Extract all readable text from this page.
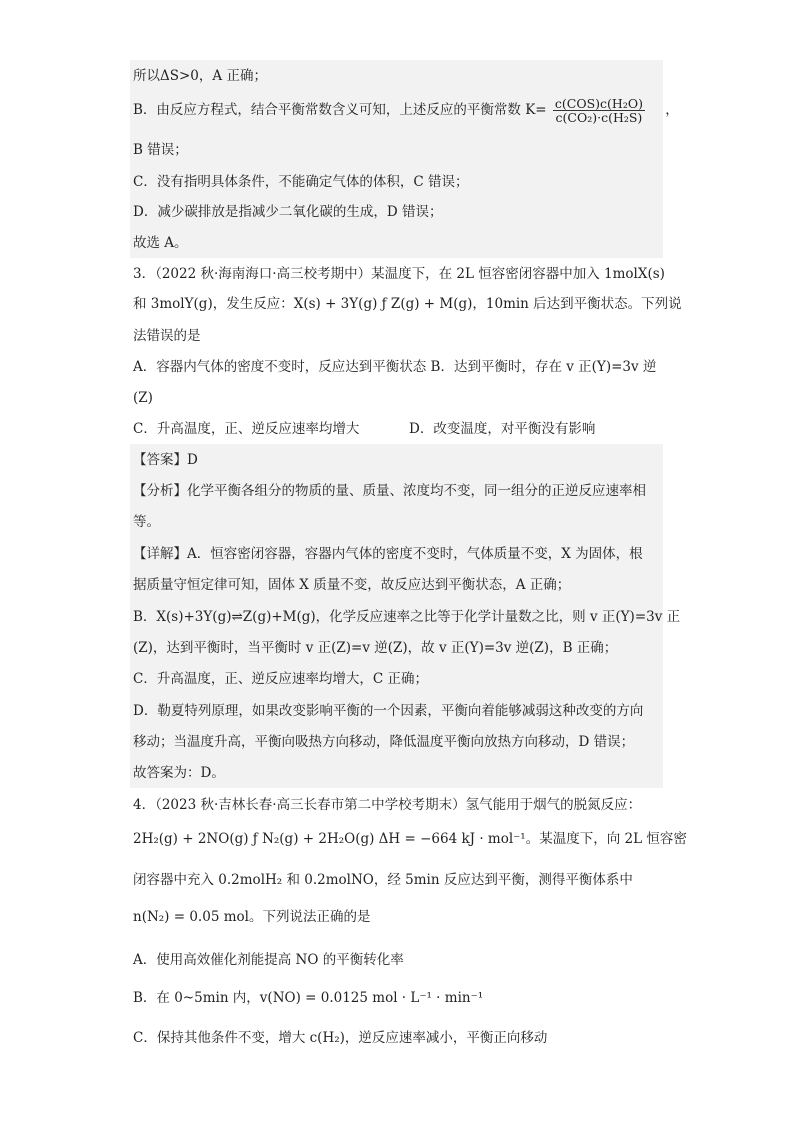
所以ΔS>0，A 正确；
B．由反应方程式，结合平衡常数含义可知，上述反应的平衡常数 $K= \frac{\text{c(COS)c(H₂O)}}{\text{c(CO₂)·c(H₂S)}}$ ，
B 错误；
C．没有指明具体条件，不能确定气体的体积，C 错误；
D．减少碳排放是指减少二氧化碳的生成，D 错误；
故选 A。
3．（2022 秋·海南海口·高三校考期中）某温度下，在 2L 恒容密闭容器中加入 1molX(s)
和 3molY(g)，发生反应：X(s) + 3Y(g) ƒ Z(g) + M(g)，10min 后达到平衡状态。下列说
法错误的是
A．容器内气体的密度不变时，反应达到平衡状态 B．达到平衡时，存在 v 正(Y)=3v 逆
(Z)
C．升高温度，正、逆反应速率均增大	D．改变温度，对平衡没有影响
【答案】D
【分析】化学平衡各组分的物质的量、质量、浓度均不变，同一组分的正逆反应速率相
等。
【详解】A．恒容密闭容器，容器内气体的密度不变时，气体质量不变，X 为固体，根
据质量守恒定律可知，固体 X 质量不变，故反应达到平衡状态，A 正确；
B．X(s)+3Y(g)⇌Z(g)+M(g)，化学反应速率之比等于化学计量数之比，则 v 正(Y)=3v 正
(Z)，达到平衡时，当平衡时 v 正(Z)=v 逆(Z)，故 v 正(Y)=3v 逆(Z)，B 正确；
C．升高温度，正、逆反应速率均增大，C 正确；
D．勒夏特列原理，如果改变影响平衡的一个因素，平衡向着能够减弱这种改变的方向
移动；当温度升高，平衡向吸热方向移动，降低温度平衡向放热方向移动，D 错误；
故答案为：D。
4．（2023 秋·吉林长春·高三长春市第二中学校考期末）氢气能用于烟气的脱氮反应：
2H₂(g) + 2NO(g) ƒ N₂(g) + 2H₂O(g) ΔH = −664 kJ · mol⁻¹。某温度下，向 2L 恒容密
闭容器中充入 0.2molH₂ 和 0.2molNO，经 5min 反应达到平衡，测得平衡体系中
n(N₂) = 0.05 mol。下列说法正确的是
A．使用高效催化剂能提高 NO 的平衡转化率
B．在 0~5min 内，v(NO) = 0.0125 mol · L⁻¹ · min⁻¹
C．保持其他条件不变，增大 c(H₂)，逆反应速率减小，平衡正向移动
